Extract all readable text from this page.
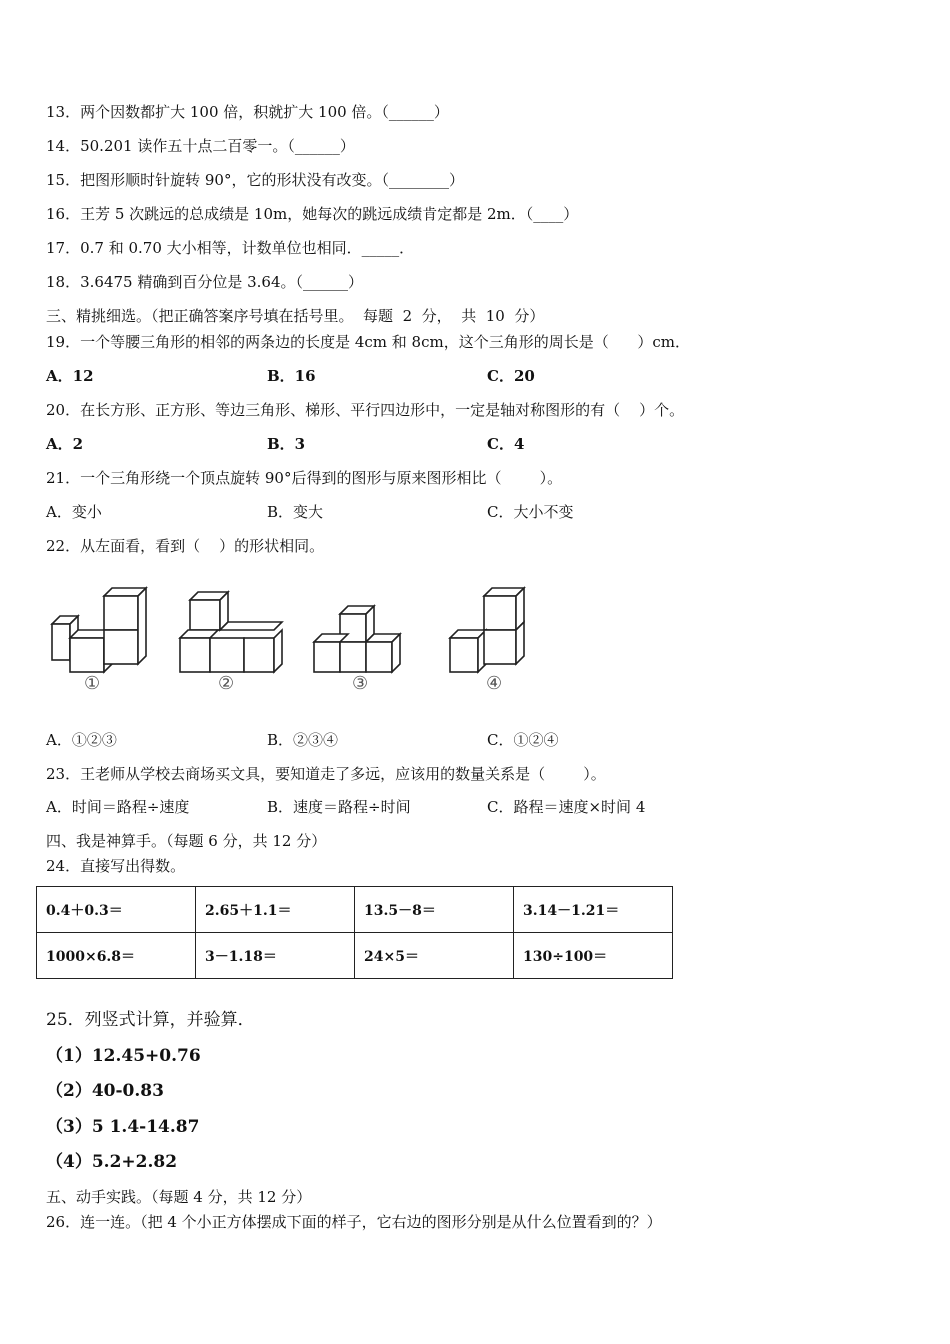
13．两个因数都扩大 100 倍，积就扩大 100 倍。（______）
14．50.201 读作五十点二百零一。（______）
15．把图形顺时针旋转 90°，它的形状没有改变。（________）
16．王芳 5 次跳远的总成绩是 10m，她每次的跳远成绩肯定都是 2m．（____）
17．0.7 和 0.70 大小相等，计数单位也相同．_____．
18．3.6475 精确到百分位是 3.64。（______）
三、精挑细选。（把正确答案序号填在括号里。  每题  2  分，  共  10  分）
19．一个等腰三角形的相邻的两条边的长度是 4cm 和 8cm，这个三角形的周长是（      ）cm．
A．12	B．16	C．20
20．在长方形、正方形、等边三角形、梯形、平行四边形中，一定是轴对称图形的有（    ）个。
A．2	B．3	C．4
21．一个三角形绕一个顶点旋转 90°后得到的图形与原来图形相比（        ）。
A．变小	B．变大	C．大小不变
22．从左面看，看到（    ）的形状相同。
①	②	③	④
A．①②③	B．②③④	C．①②④
23．王老师从学校去商场买文具，要知道走了多远，应该用的数量关系是（        ）。
A．时间＝路程÷速度	B．速度＝路程÷时间	C．路程＝速度×时间 4
四、我是神算手。（每题 6 分，共 12 分）
24．直接写出得数。
0.4＋0.3＝	2.65＋1.1＝	13.5－8＝	3.14－1.21＝
1000×6.8＝	3－1.18＝	24×5＝	130÷100＝
25．列竖式计算，并验算．
（1）12.45+0.76
（2）40-0.83
（3）5 1.4-14.87
（4）5.2+2.82
五、动手实践。（每题 4 分，共 12 分）
26．连一连。（把 4 个小正方体摆成下面的样子，它右边的图形分别是从什么位置看到的？）
